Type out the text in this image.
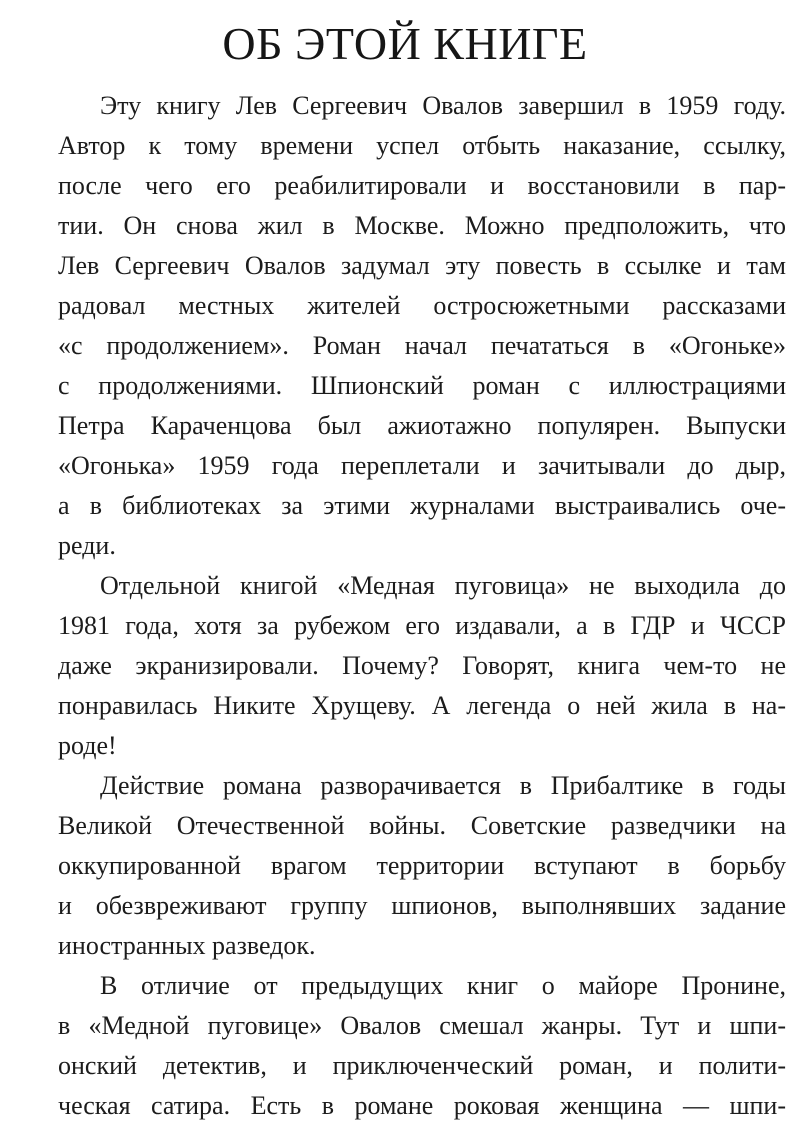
ОБ ЭТОЙ КНИГЕ
Эту книгу Лев Сергеевич Овалов завершил в 1959 году.
Автор к тому времени успел отбыть наказание, ссылку,
после чего его реабилитировали и восстановили в пар-
тии. Он снова жил в Москве. Можно предположить, что
Лев Сергеевич Овалов задумал эту повесть в ссылке и там
радовал местных жителей остросюжетными рассказами
«с продолжением». Роман начал печататься в «Огоньке»
с продолжениями. Шпионский роман с иллюстрациями
Петра Караченцова был ажиотажно популярен. Выпуски
«Огонька» 1959 года переплетали и зачитывали до дыр,
а в библиотеках за этими журналами выстраивались оче-
реди.
Отдельной книгой «Медная пуговица» не выходила до
1981 года, хотя за рубежом его издавали, а в ГДР и ЧССР
даже экранизировали. Почему? Говорят, книга чем-то не
понравилась Никите Хрущеву. А легенда о ней жила в на-
роде!
Действие романа разворачивается в Прибалтике в годы
Великой Отечественной войны. Советские разведчики на
оккупированной врагом территории вступают в борьбу
и обезвреживают группу шпионов, выполнявших задание
иностранных разведок.
В отличие от предыдущих книг о майоре Пронине,
в «Медной пуговице» Овалов смешал жанры. Тут и шпи-
онский детектив, и приключенческий роман, и полити-
ческая сатира. Есть в романе роковая женщина — шпи-
